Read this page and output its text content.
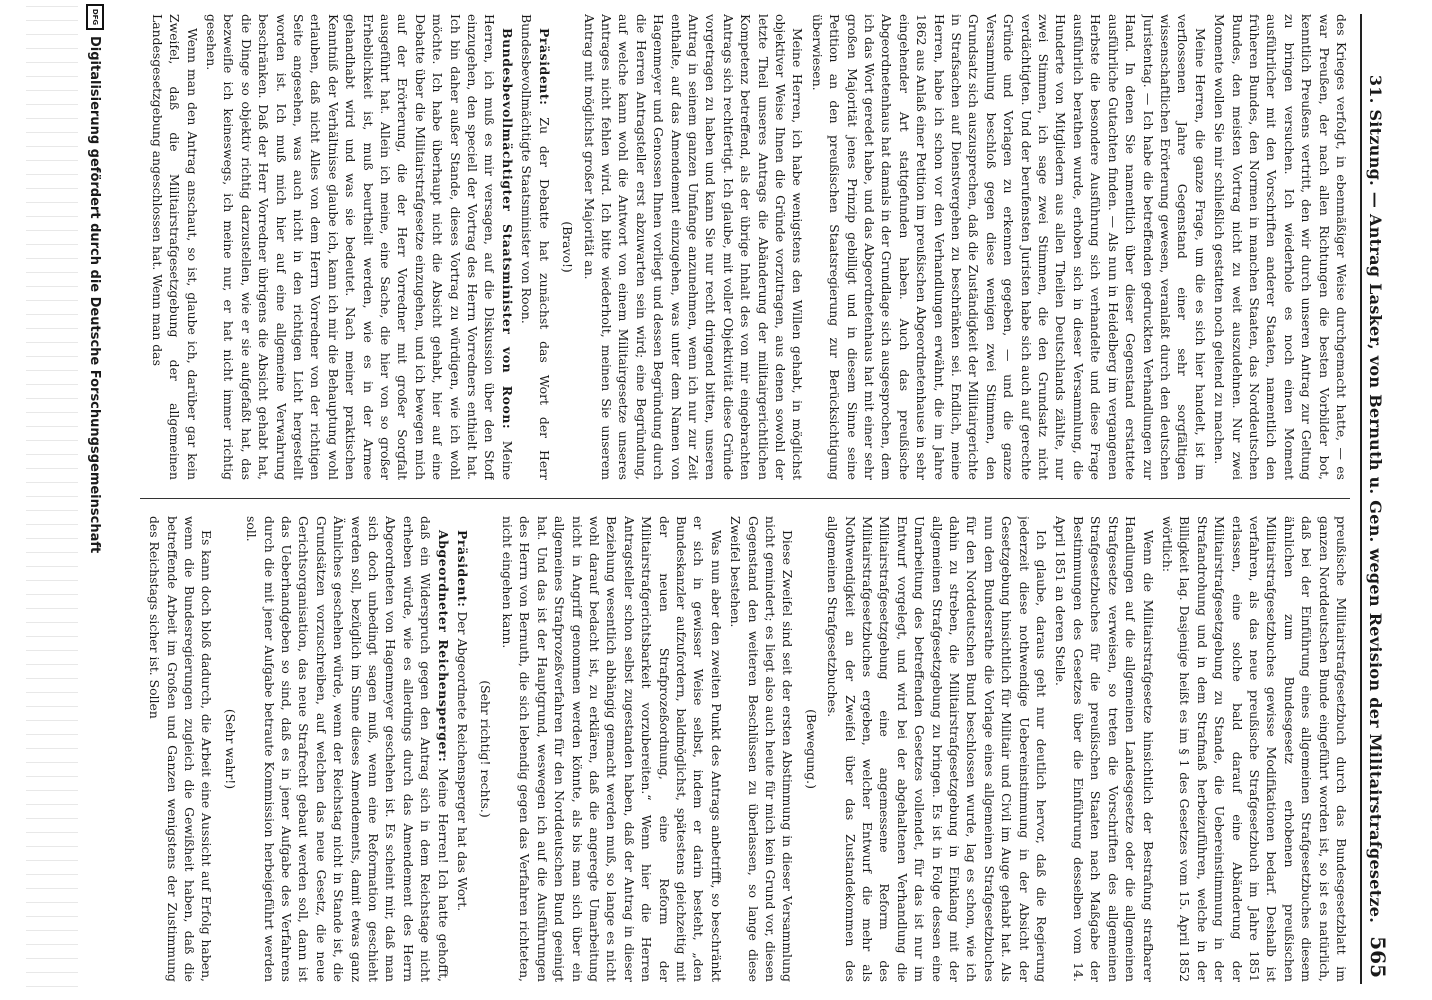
31. Sitzung. — Antrag Lasker, von Bernuth u. Gen. wegen Revision der Militairstrafgesetze.
565

des Krieges verfolgt, in ebenmäßiger Weise durchgemacht hatte, — es war Preußen, der nach allen Richtungen die besten Vorbilder bot, kenntlich Preußens vertritt, den wir durch unseren Antrag zur Geltung zu bringen versuchen. Ich wiederhole es noch einen Moment ausführlicher mit den Vorschriften anderer Staaten, namentlich den früheren Bundes, den Normen in manchen Staaten, das Norddeutschen Bundes, den meisten Vortrag nicht zu weit auszudehnen. Nur zwei Momente wollen Sie mir schließlich gestatten noch geltend zu machen.

Meine Herren, die ganze Frage, um die es sich hier handelt, ist im verflossenen Jahre Gegenstand einer sehr sorgfältigen wissenschaftlichen Erörterung gewesen, veranlaßt durch den deutschen Juristentag. — Ich habe die betreffenden gedruckten Verhandlungen zur Hand. In denen Sie namentlich über dieser Gegenstand erstattete ausführliche Gutachten finden. — Als nun in Heidelberg im vergangenen Herbste die besondere Ausführung sich verhandelte und diese Frage ausführlich berathen wurde, erhoben sich in dieser Versammlung, die Hunderte von Mitgliedern aus allen Theilen Deutschlands zählte, nur zwei Stimmen, ich sage zwei Stimmen, die den Grundsatz nicht verdächtigten. Und der berufensten Juristen habe sich auch auf gerechte Gründe und Vorlagen zu erkennen gegeben, — und die ganze Versammlung beschloß gegen diese wenigen zwei Stimmen, den Grundsatz sich auszusprechen, daß die Zuständigkeit der Militairgerichte in Strafsachen auf Dienstvergehen zu beschränken sei. Endlich, meine Herren, habe ich schon vor den Verhandlungen erwähnt, die im Jahre 1862 aus Anlaß einer Petition im preußischen Abgeordnetenhause in sehr eingehender Art stattgefunden haben. Auch das preußische Abgeordnetenhaus hat damals in der Grundlage sich ausgesprochen, dem ich das Wort geredet habe, und das Abgeordnetenhaus hat mit einer sehr großen Majorität jenes Prinzip gebilligt und in diesem Sinne seine Petition an den preußischen Staatsregierung zur Berücksichtigung überwiesen.

Meine Herren, ich habe wenigstens den Willen gehabt, in möglichst objektiver Weise Ihnen die Gründe vorzutragen, aus denen sowohl der letzte Theil unseres Antrags die Abänderung der militairgerichtlichen Kompetenz betreffend, als der übrige Inhalt des von mir eingebrachten Antrags sich rechtfertigt. Ich glaube, mit voller Objektivität diese Gründe vorgetragen zu haben und kann Sie nur recht dringend bitten, unseren Antrag in seinem ganzen Umfange anzunehmen, wenn ich nur zur Zeit enthalte, auf das Amendement einzugehen, was unter dem Namen von Hagenmeyer und Genossen Ihnen vorliegt und dessen Begründung durch die Herren Antragsteller erst abzuwarten sein wird; eine Begründung, auf welche kann wohl die Antwort von einem Militairgesetze unseres Antrages nicht fehlen wird. Ich bitte wiederholt, meinen Sie unserem Antrag mit möglichst großer Majorität an.

(Bravo!)

Präsident: Zu der Debatte hat zunächst das Wort der Herr Bundesbevollmächtigte Staatsminister von Roon.

Bundesbevollmächtigter Staatsminister von Roon: Meine Herren, ich muß es mir versagen, auf die Diskussion über den Stoff einzugehen, den speciell der Vortrag des Herrn Vorredners enthielt hat. Ich bin daher außer Stande, dieses Vortrag zu würdigen, wie ich wohl möchte. Ich habe überhaupt nicht die Absicht gehabt, hier auf eine Debatte über die Militairstrafgesetze einzugehen, und ich bewegen mich auf der Erörterung, die der Herr Vorredner mit großer Sorgfalt ausgeführt hat. Allein ich meine, eine Sache, die hier von so großer Erheblichkeit ist, muß beurtheilt werden, wie es in der Armee gehandhabt wird und was sie bedeutet. Nach meiner praktischen Kenntniß der Verhältnisse glaube ich, kann ich mir die Behauptung wohl erlauben, daß nicht Alles von dem Herrn Vorredner von der richtigen Seite angesehen, was auch nicht in den richtigen Licht hergestellt worden ist. Ich muß mich hier auf eine allgemeine Verwahrung beschränken. Daß der Herr Vorredner übrigens die Absicht gehabt hat, die Dinge so objektiv richtig darzustellen, wie er sie aufgefaßt hat, das bezweifle ich keineswegs, ich meine nur, er hat nicht immer richtig gesehen.

Wenn man den Antrag anschaut, so ist, glaube ich, darüber gar kein Zweifel, daß die Militairstrafgesetzgebung der allgemeinen Landesgesetzgebung angeschlossen hat. Wenn man das

preußische Militairstrafgesetzbuch durch das Bundesgesetzblatt im ganzen Norddeutschen Bunde eingeführt worden ist, so ist es natürlich, daß bei der Einführung eines allgemeinen Strafgesetzbuches diesem ähnlichen zum Bundesgesetz erhobenen preußischen Militairstrafgesetzbuches gewisse Modifikationen bedarf. Deshalb ist verfahren, als das neue preußische Strafgesetzbuch im Jahre 1851 erlassen, eine solche bald darauf eine Abänderung der Militairstrafgesetzgebung zu Stande, die Uebereinstimmung in der Strafandrohung und in dem Strafmaß herbeizuführen, welche in der Billigkeit lag. Dasjenige heißt es im § 1 des Gesetzes vom 15. April 1852 wörtlich:

Wenn die Militairstrafgesetze hinsichtlich der Bestrafung strafbarer Handlungen auf die allgemeinen Landesgesetze oder die allgemeinen Strafgesetze verweisen, so treten die Vorschriften des allgemeinen Strafgesetzbuches für die preußischen Staaten nach Maßgabe der Bestimmungen des Gesetzes über die Einführung desselben vom 14. April 1851 an deren Stelle.

Ich glaube, daraus geht nur deutlich hervor, daß die Regierung jederzeit diese nothwendige Uebereinstimmung in der Absicht der Gesetzgebung hinsichtlich für Militair und Civil im Auge gehabt hat. Als nun dem Bundesrathe die Vorlage eines allgemeinen Strafgesetzbuches für den Norddeutschen Bund beschlossen wurde, lag es schon, wie ich dahin zu streben, die Militairstrafgesetzgebung in Einklang mit der allgemeinen Strafgesetzgebung zu bringen. Es ist in Folge dessen eine Umarbeitung des betreffenden Gesetzes vollendet, für das ist nur im Entwurf vorgelegt, und wird bei der abgehaltenen Verhandlung die Militairstrafgesetzgebung eine angemessene Reform des Militairstrafgesetzbuches ergeben, welcher Entwurf die mehr als Nothwendigkeit an der Zweifel über das Zustandekommen des allgemeinen Strafgesetzbuches.

(Bewegung.)

Diese Zweifel sind seit der ersten Abstimmung in dieser Versammlung nicht gemindert; es liegt also auch heute für mich kein Grund vor, diesen Gegenstand den weiteren Beschlüssen zu überlassen, so lange diese Zweifel bestehen.

Was nun aber den zweiten Punkt des Antrags anbetrifft, so beschränkt er sich in gewisser Weise selbst, indem er darin besteht, „den Bundeskanzler aufzufordern, baldmöglichst, spätestens gleichzeitig mit der neuen Strafprozeßordnung, eine Reform der Militairstrafgerichtsbarkeit vorzubereiten.“ Wenn hier die Herren Antragsteller schon selbst zugestanden haben, daß der Antrag in dieser Beziehung wesentlich abhängig gemacht werden muß, so lange es nicht wohl darauf bedacht ist, zu erklären, daß die angeregte Umarbeitung nicht in Angriff genommen werden könnte, als bis man sich über ein allgemeines Strafprozeßverfahren für den Norddeutschen Bund geeinigt hat. Und das ist der Hauptgrund, weswegen ich auf die Ausführungen des Herrn von Bernuth, die sich lebendig gegen das Verfahren richteten, nicht eingehen kann.

(Sehr richtig! rechts.)

Präsident: Der Abgeordnete Reichensperger hat das Wort.

Abgeordneter Reichensperger: Meine Herren! Ich hatte gehofft, daß ein Widerspruch gegen den Antrag sich in dem Reichstage nicht erheben würde, wie es allerdings durch das Amendement des Herrn Abgeordneten von Hagenmeyer geschehen ist. Es scheint mir, daß man sich doch unbedingt sagen muß, wenn eine Reformation geschieht werden soll, bezüglich im Sinne dieses Amendements, damit etwas ganz Ähnliches geschehen würde, wenn der Reichstag nicht in Stande ist, die Grundsätzen vorzuschreiben, auf welchen das neue Gesetz, die neue Gerichtsorganisation, das neue Strafrecht gebaut werden soll, dann ist das Ueberhandgeben so sind, daß es in jener Aufgabe des Verfahrens durch die mit jener Aufgabe betraute Kommission herbeigeführt werden soll.

(Sehr wahr!)

Es kann doch bloß dadurch, die Arbeit eine Aussicht auf Erfolg haben, wenn die Bundesregierungen zugleich die Gewißheit haben, daß die betreffende Arbeit im Großen und Ganzen wenigstens der Zustimmung des Reichstags sicher ist. Sollen

DFG
Digitalisierung gefördert durch die Deutsche Forschungsgemeinschaft
